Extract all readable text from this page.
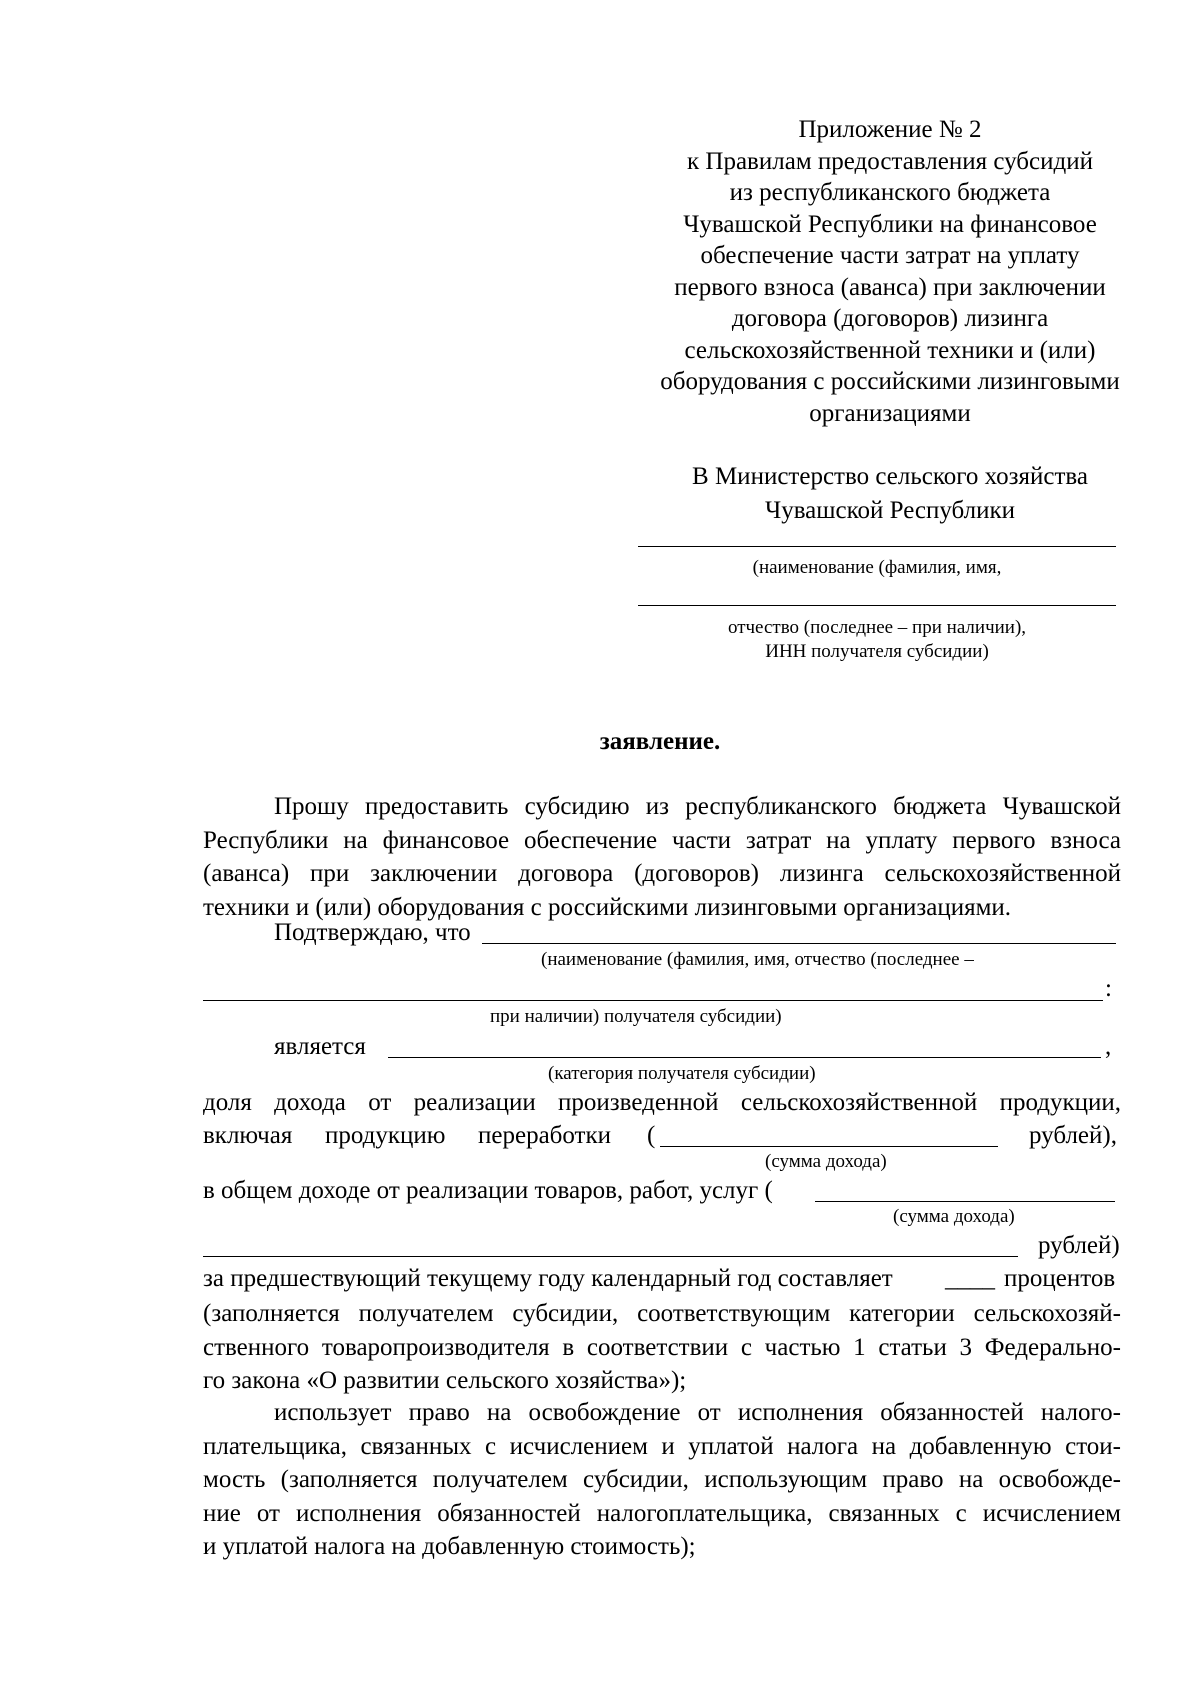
Приложение № 2
к Правилам предоставления субсидий
из республиканского бюджета
Чувашской Республики на финансовое
обеспечение части затрат на уплату
первого взноса (аванса) при заключении
договора (договоров) лизинга
сельскохозяйственной техники и (или)
оборудования с российскими лизинговыми
организациями
В Министерство сельского хозяйства
Чувашской Республики
(наименование (фамилия, имя,
отчество (последнее – при наличии),
ИНН получателя субсидии)
заявление.
Прошу предоставить субсидию из республиканского бюджета Чувашской
Республики на финансовое обеспечение части затрат на уплату первого взноса
(аванса) при заключении договора (договоров) лизинга сельскохозяйственной
техники и (или) оборудования с российскими лизинговыми организациями.
Подтверждаю, что
(наименование (фамилия, имя, отчество (последнее –
:
при наличии) получателя субсидии)
является	,
(категория получателя субсидии)
доля дохода от реализации произведенной сельскохозяйственной продукции,
включая продукцию переработки (	рублей),
(сумма дохода)
в общем доходе от реализации товаров, работ, услуг (
(сумма дохода)
рублей)
за предшествующий текущему году календарный год составляет ____ процентов
(заполняется получателем субсидии, соответствующим категории сельскохозяй-
ственного товаропроизводителя в соответствии с частью 1 статьи 3 Федерально-
го закона «О развитии сельского хозяйства»);
использует право на освобождение от исполнения обязанностей налого-
плательщика, связанных с исчислением и уплатой налога на добавленную стои-
мость (заполняется получателем субсидии, использующим право на освобожде-
ние от исполнения обязанностей налогоплательщика, связанных с исчислением
и уплатой налога на добавленную стоимость);
